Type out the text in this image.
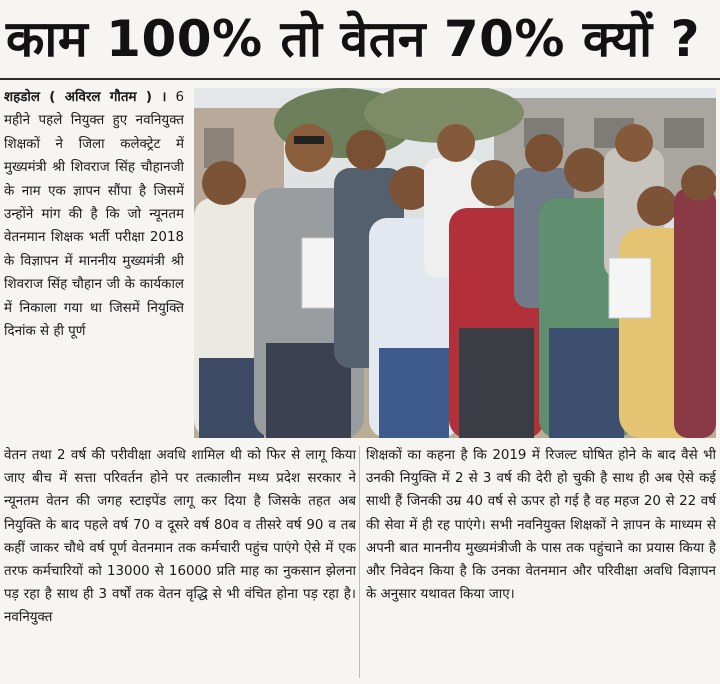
काम 100% तो वेतन 70% क्यों ?
शहडोल ( अविरल गौतम ) । 6 महीने पहले नियुक्त हुए नवनियुक्त शिक्षकों ने जिला कलेक्ट्रेट में मुख्यमंत्री श्री शिवराज सिंह चौहानजी के नाम एक ज्ञापन सौंपा है जिसमें उन्होंने मांग की है कि जो न्यूनतम वेतनमान शिक्षक भर्ती परीक्षा 2018 के विज्ञापन में माननीय मुख्यमंत्री श्री शिवराज सिंह चौहान जी के कार्यकाल में निकाला गया था जिसमें नियुक्ति दिनांक से ही पूर्ण
वेतन तथा 2 वर्ष की परीवीक्षा अवधि शामिल थी को फिर से लागू किया जाए बीच में सत्ता परिवर्तन होने पर तत्कालीन मध्य प्रदेश सरकार ने न्यूनतम वेतन की जगह स्टाइपेंड लागू कर दिया है जिसके तहत अब नियुक्ति के बाद पहले वर्ष 70 व दूसरे वर्ष 80व व तीसरे वर्ष 90 व तब कहीं जाकर चौथे वर्ष पूर्ण वेतनमान तक कर्मचारी पहुंच पाएंगे ऐसे में एक तरफ कर्मचारियों को 13000 से 16000 प्रति माह का नुकसान झेलना पड़ रहा है साथ ही 3 वर्षों तक वेतन वृद्धि से भी वंचित होना पड़ रहा है। नवनियुक्त
शिक्षकों का कहना है कि 2019 में रिजल्ट घोषित होने के बाद वैसे भी उनकी नियुक्ति में 2 से 3 वर्ष की देरी हो चुकी है साथ ही अब ऐसे कई साथी हैं जिनकी उम्र 40 वर्ष से ऊपर हो गई है वह महज 20 से 22 वर्ष की सेवा में ही रह पाएंगे। सभी नवनियुक्त शिक्षकों ने ज्ञापन के माध्यम से अपनी बात माननीय मुख्यमंत्रीजी के पास तक पहुंचाने का प्रयास किया है और निवेदन किया है कि उनका वेतनमान और परिवीक्षा अवधि विज्ञापन के अनुसार यथावत किया जाए।
